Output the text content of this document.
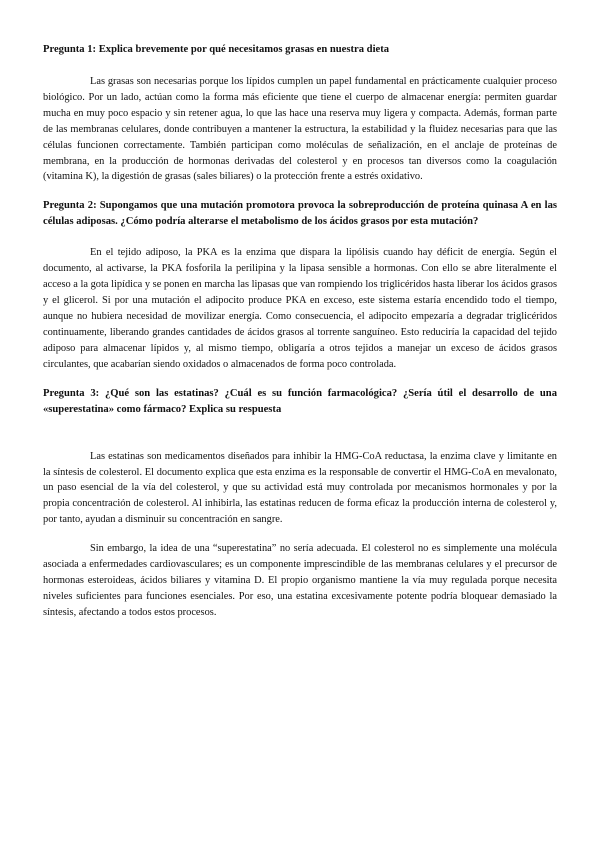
Pregunta 1: Explica brevemente por qué necesitamos grasas en nuestra dieta

Las grasas son necesarias porque los lípidos cumplen un papel fundamental en prácticamente cualquier proceso biológico. Por un lado, actúan como la forma más eficiente que tiene el cuerpo de almacenar energía: permiten guardar mucha en muy poco espacio y sin retener agua, lo que las hace una reserva muy ligera y compacta. Además, forman parte de las membranas celulares, donde contribuyen a mantener la estructura, la estabilidad y la fluidez necesarias para que las células funcionen correctamente. También participan como moléculas de señalización, en el anclaje de proteínas de membrana, en la producción de hormonas derivadas del colesterol y en procesos tan diversos como la coagulación (vitamina K), la digestión de grasas (sales biliares) o la protección frente a estrés oxidativo.

Pregunta 2: Supongamos que una mutación promotora provoca la sobreproducción de proteína quinasa A en las células adiposas. ¿Cómo podría alterarse el metabolismo de los ácidos grasos por esta mutación?

En el tejido adiposo, la PKA es la enzima que dispara la lipólisis cuando hay déficit de energía. Según el documento, al activarse, la PKA fosforila la perilipina y la lipasa sensible a hormonas. Con ello se abre literalmente el acceso a la gota lipídica y se ponen en marcha las lipasas que van rompiendo los triglicéridos hasta liberar los ácidos grasos y el glicerol. Si por una mutación el adipocito produce PKA en exceso, este sistema estaría encendido todo el tiempo, aunque no hubiera necesidad de movilizar energía. Como consecuencia, el adipocito empezaría a degradar triglicéridos continuamente, liberando grandes cantidades de ácidos grasos al torrente sanguíneo. Esto reduciría la capacidad del tejido adiposo para almacenar lípidos y, al mismo tiempo, obligaría a otros tejidos a manejar un exceso de ácidos grasos circulantes, que acabarían siendo oxidados o almacenados de forma poco controlada.

Pregunta 3: ¿Qué son las estatinas? ¿Cuál es su función farmacológica? ¿Sería útil el desarrollo de una «superestatina» como fármaco? Explica su respuesta

Las estatinas son medicamentos diseñados para inhibir la HMG-CoA reductasa, la enzima clave y limitante en la síntesis de colesterol. El documento explica que esta enzima es la responsable de convertir el HMG-CoA en mevalonato, un paso esencial de la vía del colesterol, y que su actividad está muy controlada por mecanismos hormonales y por la propia concentración de colesterol. Al inhibirla, las estatinas reducen de forma eficaz la producción interna de colesterol y, por tanto, ayudan a disminuir su concentración en sangre.

Sin embargo, la idea de una “superestatina” no sería adecuada. El colesterol no es simplemente una molécula asociada a enfermedades cardiovasculares; es un componente imprescindible de las membranas celulares y el precursor de hormonas esteroideas, ácidos biliares y vitamina D. El propio organismo mantiene la vía muy regulada porque necesita niveles suficientes para funciones esenciales. Por eso, una estatina excesivamente potente podría bloquear demasiado la síntesis, afectando a todos estos procesos.
